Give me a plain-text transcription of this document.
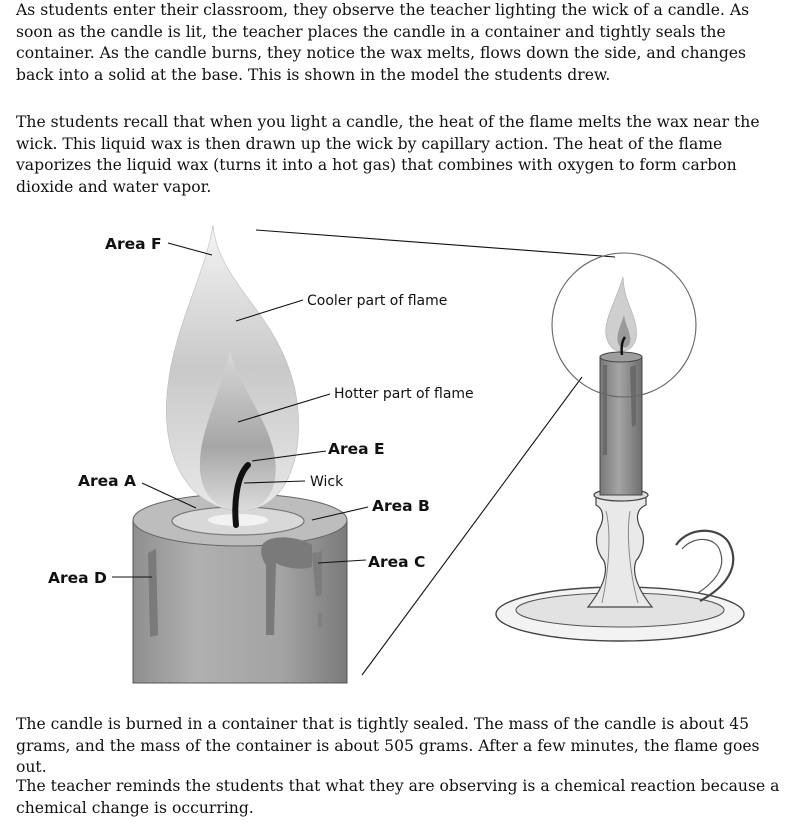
As students enter their classroom, they observe the teacher lighting the wick of a candle. As soon as the candle is lit, the teacher places the candle in a container and tightly seals the container. As the candle burns, they notice the wax melts, flows down the side, and changes back into a solid at the base. This is shown in the model the students drew.

The students recall that when you light a candle, the heat of the flame melts the wax near the wick. This liquid wax is then drawn up the wick by capillary action. The heat of the flame vaporizes the liquid wax (turns it into a hot gas) that combines with oxygen to form carbon dioxide and water vapor.

Area F
Cooler part of flame
Hotter part of flame
Area E
Area A	Wick
Area B
Area C
Area D

The candle is burned in a container that is tightly sealed. The mass of the candle is about 45 grams, and the mass of the container is about 505 grams. After a few minutes, the flame goes out.

The teacher reminds the students that what they are observing is a chemical reaction because a chemical change is occurring.
